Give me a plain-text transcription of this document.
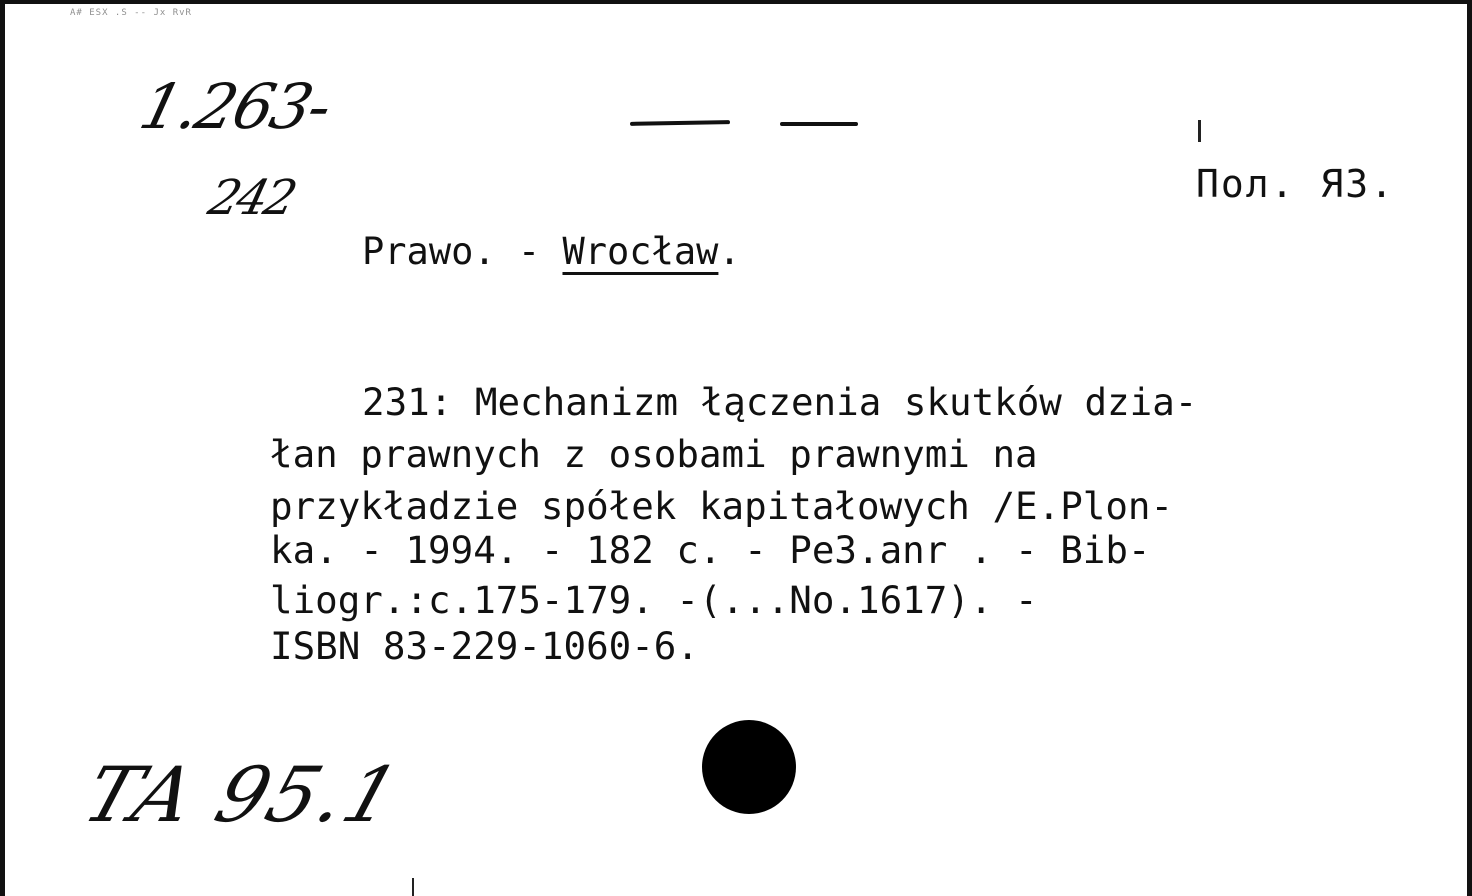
A# ESX .S -- Jx RvR
1.263-
242	Пол. Я3.
Prawo. - Wrocław.
231: Mechanizm łączenia skutków dzia-
łan prawnych z osobami prawnymi na
przykładzie spółek kapitałowych /E.Plon-
ka. - 1994. - 182 c. - Pe3.anr . - Bib-
liogr.:c.175-179. -(...No.1617). -
ISBN 83-229-1060-6.
TA 95.1
